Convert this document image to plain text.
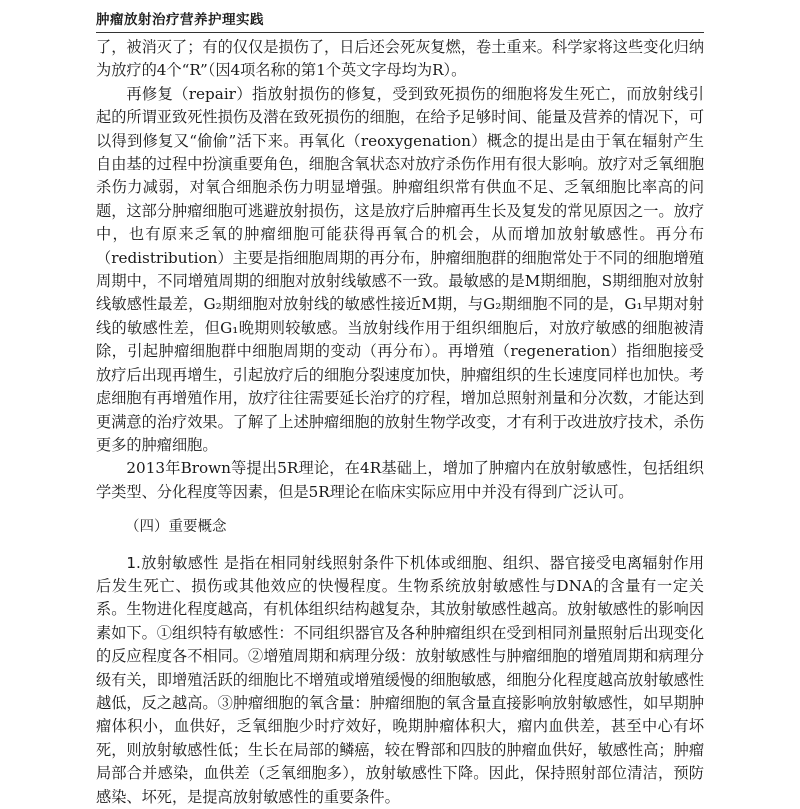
肿瘤放射治疗营养护理实践

了，被消灭了；有的仅仅是损伤了，日后还会死灰复燃，卷土重来。科学家将这些变化归纳为放疗的4个“R”（因4项名称的第1个英文字母均为R）。

再修复（repair）指放射损伤的修复，受到致死损伤的细胞将发生死亡，而放射线引起的所谓亚致死性损伤及潜在致死损伤的细胞，在给予足够时间、能量及营养的情况下，可以得到修复又“偷偷”活下来。再氧化（reoxygenation）概念的提出是由于氧在辐射产生自由基的过程中扮演重要角色，细胞含氧状态对放疗杀伤作用有很大影响。放疗对乏氧细胞杀伤力减弱，对氧合细胞杀伤力明显增强。肿瘤组织常有供血不足、乏氧细胞比率高的问题，这部分肿瘤细胞可逃避放射损伤，这是放疗后肿瘤再生长及复发的常见原因之一。放疗中，也有原来乏氧的肿瘤细胞可能获得再氧合的机会，从而增加放射敏感性。再分布（redistribution）主要是指细胞周期的再分布，肿瘤细胞群的细胞常处于不同的细胞增殖周期中，不同增殖周期的细胞对放射线敏感不一致。最敏感的是M期细胞，S期细胞对放射线敏感性最差，G₂期细胞对放射线的敏感性接近M期，与G₂期细胞不同的是，G₁早期对射线的敏感性差，但G₁晚期则较敏感。当放射线作用于组织细胞后，对放疗敏感的细胞被清除，引起肿瘤细胞群中细胞周期的变动（再分布）。再增殖（regeneration）指细胞接受放疗后出现再增生，引起放疗后的细胞分裂速度加快，肿瘤组织的生长速度同样也加快。考虑细胞有再增殖作用，放疗往往需要延长治疗的疗程，增加总照射剂量和分次数，才能达到更满意的治疗效果。了解了上述肿瘤细胞的放射生物学改变，才有利于改进放疗技术，杀伤更多的肿瘤细胞。

2013年Brown等提出5R理论，在4R基础上，增加了肿瘤内在放射敏感性，包括组织学类型、分化程度等因素，但是5R理论在临床实际应用中并没有得到广泛认可。

（四）重要概念

1.放射敏感性 是指在相同射线照射条件下机体或细胞、组织、器官接受电离辐射作用后发生死亡、损伤或其他效应的快慢程度。生物系统放射敏感性与DNA的含量有一定关系。生物进化程度越高，有机体组织结构越复杂，其放射敏感性越高。放射敏感性的影响因素如下。①组织特有敏感性：不同组织器官及各种肿瘤组织在受到相同剂量照射后出现变化的反应程度各不相同。②增殖周期和病理分级：放射敏感性与肿瘤细胞的增殖周期和病理分级有关，即增殖活跃的细胞比不增殖或增殖缓慢的细胞敏感，细胞分化程度越高放射敏感性越低，反之越高。③肿瘤细胞的氧含量：肿瘤细胞的氧含量直接影响放射敏感性，如早期肿瘤体积小，血供好，乏氧细胞少时疗效好，晚期肿瘤体积大，瘤内血供差，甚至中心有坏死，则放射敏感性低；生长在局部的鳞癌，较在臀部和四肢的肿瘤血供好，敏感性高；肿瘤局部合并感染，血供差（乏氧细胞多），放射敏感性下降。因此，保持照射部位清洁，预防感染、坏死，是提高放射敏感性的重要条件。
